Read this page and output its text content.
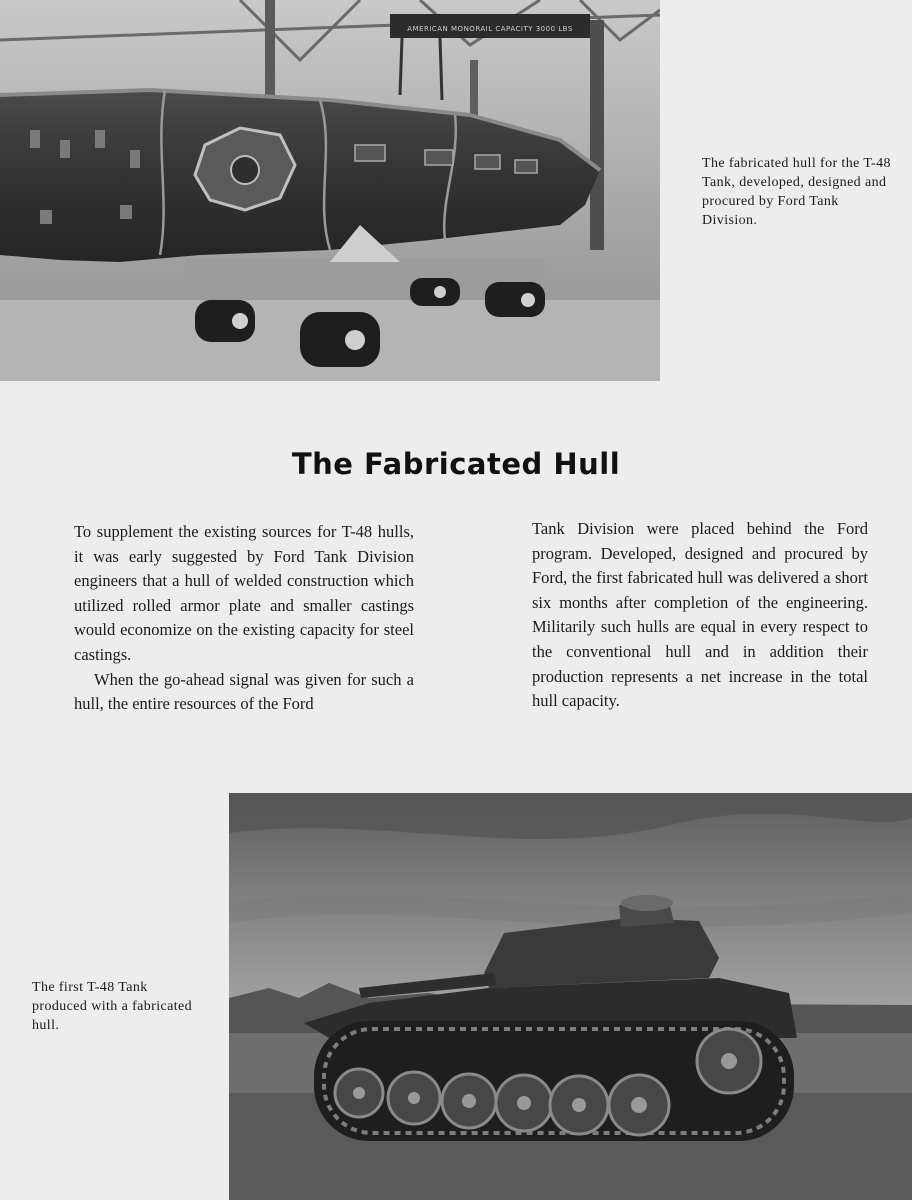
AMERICAN MONORAIL CAPACITY 3000 LBS

The fabricated hull for the T-48 Tank, developed, designed and procured by Ford Tank Division.

The Fabricated Hull

To supplement the existing sources for T-48 hulls, it was early suggested by Ford Tank Division engineers that a hull of welded construction which utilized rolled armor plate and smaller castings would economize on the existing capacity for steel castings.

When the go-ahead signal was given for such a hull, the entire resources of the Ford

Tank Division were placed behind the Ford program. Developed, designed and procured by Ford, the first fabricated hull was delivered a short six months after completion of the engineering. Militarily such hulls are equal in every respect to the conventional hull and in addition their production represents a net increase in the total hull capacity.

The first T-48 Tank produced with a fabricated hull.
